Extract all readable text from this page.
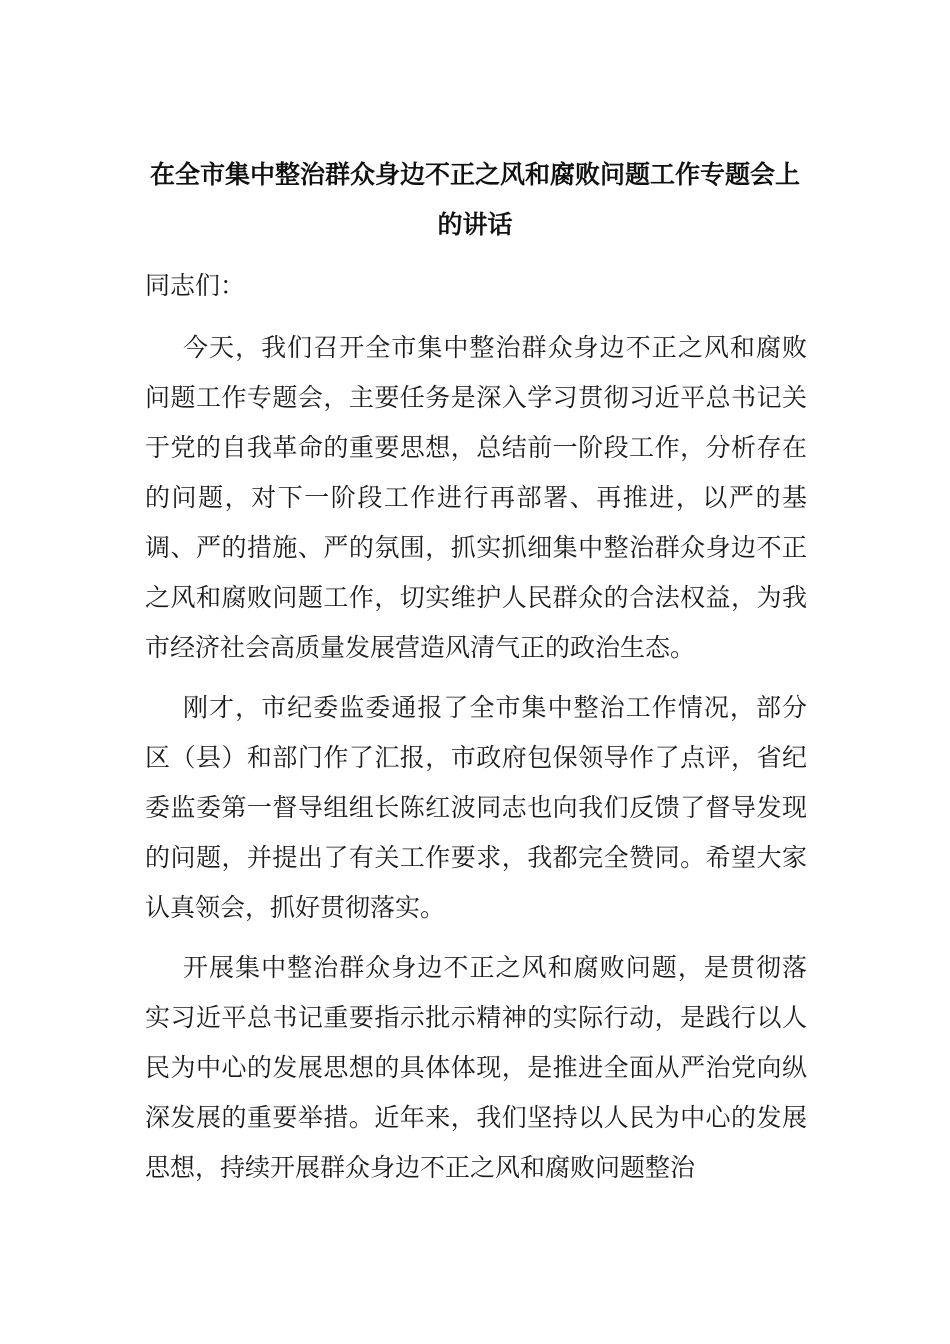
在全市集中整治群众身边不正之风和腐败问题工作专题会上的讲话
同志们：
今天，我们召开全市集中整治群众身边不正之风和腐败问题工作专题会，主要任务是深入学习贯彻习近平总书记关于党的自我革命的重要思想，总结前一阶段工作，分析存在的问题，对下一阶段工作进行再部署、再推进，以严的基调、严的措施、严的氛围，抓实抓细集中整治群众身边不正之风和腐败问题工作，切实维护人民群众的合法权益，为我市经济社会高质量发展营造风清气正的政治生态。
刚才，市纪委监委通报了全市集中整治工作情况，部分区（县）和部门作了汇报，市政府包保领导作了点评，省纪委监委第一督导组组长陈红波同志也向我们反馈了督导发现的问题，并提出了有关工作要求，我都完全赞同。希望大家认真领会，抓好贯彻落实。
开展集中整治群众身边不正之风和腐败问题，是贯彻落实习近平总书记重要指示批示精神的实际行动，是践行以人民为中心的发展思想的具体体现，是推进全面从严治党向纵深发展的重要举措。近年来，我们坚持以人民为中心的发展思想，持续开展群众身边不正之风和腐败问题整治
